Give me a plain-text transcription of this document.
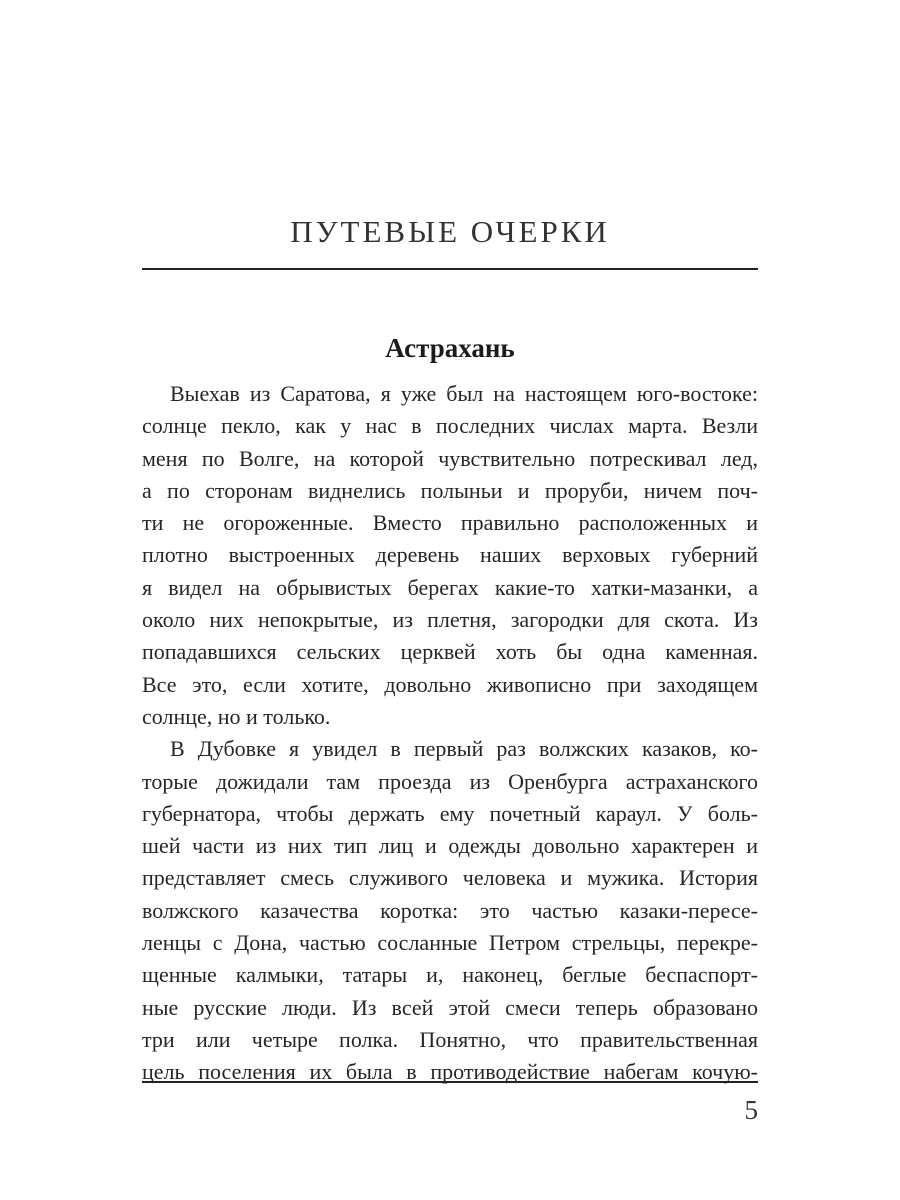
ПУТЕВЫЕ ОЧЕРКИ
Астрахань
Выехав из Саратова, я уже был на настоящем юго-востоке:
солнце пекло, как у нас в последних числах марта. Везли
меня по Волге, на которой чувствительно потрескивал лед,
а по сторонам виднелись полыньи и проруби, ничем поч-
ти не огороженные. Вместо правильно расположенных и
плотно выстроенных деревень наших верховых губерний
я видел на обрывистых берегах какие-то хатки-мазанки, а
около них непокрытые, из плетня, загородки для скота. Из
попадавшихся сельских церквей хоть бы одна каменная.
Все это, если хотите, довольно живописно при заходящем
солнце, но и только.
В Дубовке я увидел в первый раз волжских казаков, ко-
торые дожидали там проезда из Оренбурга астраханского
губернатора, чтобы держать ему почетный караул. У боль-
шей части из них тип лиц и одежды довольно характерен и
представляет смесь служивого человека и мужика. История
волжского казачества коротка: это частью казаки-пересе-
ленцы с Дона, частью сосланные Петром стрельцы, перекре-
щенные калмыки, татары и, наконец, беглые беспаспорт-
ные русские люди. Из всей этой смеси теперь образовано
три или четыре полка. Понятно, что правительственная
цель поселения их была в противодействие набегам кочую-
5
